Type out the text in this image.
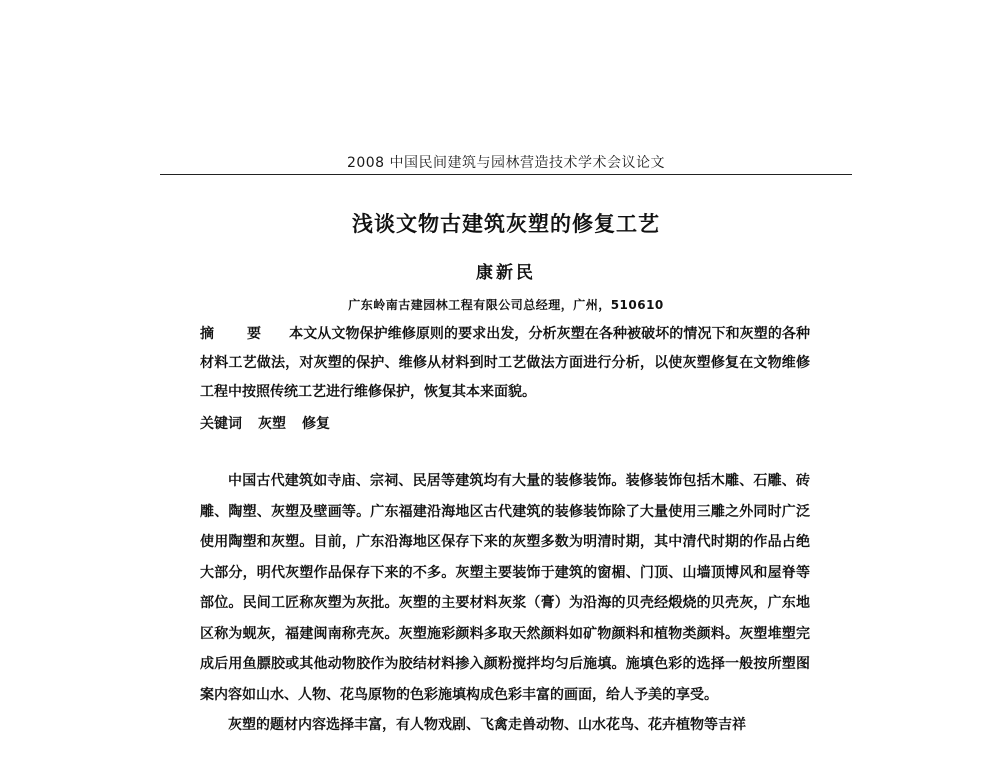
2008 中国民间建筑与园林营造技术学术会议论文
浅谈文物古建筑灰塑的修复工艺
康新民
广东岭南古建园林工程有限公司总经理，广州，510610
摘 要 本文从文物保护维修原则的要求出发，分析灰塑在各种被破坏的情况下和灰塑的各种材料工艺做法，对灰塑的保护、维修从材料到时工艺做法方面进行分析，以使灰塑修复在文物维修工程中按照传统工艺进行维修保护，恢复其本来面貌。
关键词 灰塑 修复

中国古代建筑如寺庙、宗祠、民居等建筑均有大量的装修装饰。装修装饰包括木雕、石雕、砖雕、陶塑、灰塑及壁画等。广东福建沿海地区古代建筑的装修装饰除了大量使用三雕之外同时广泛使用陶塑和灰塑。目前，广东沿海地区保存下来的灰塑多数为明清时期，其中清代时期的作品占绝大部分，明代灰塑作品保存下来的不多。灰塑主要装饰于建筑的窗楣、门顶、山墙顶博风和屋脊等部位。民间工匠称灰塑为灰批。灰塑的主要材料灰浆（膏）为沿海的贝壳经煅烧的贝壳灰，广东地区称为蚬灰，福建闽南称壳灰。灰塑施彩颜料多取天然颜料如矿物颜料和植物类颜料。灰塑堆塑完成后用鱼膘胶或其他动物胶作为胶结材料掺入颜粉搅拌均匀后施填。施填色彩的选择一般按所塑图案内容如山水、人物、花鸟原物的色彩施填构成色彩丰富的画面，给人予美的享受。

灰塑的题材内容选择丰富，有人物戏剧、飞禽走兽动物、山水花鸟、花卉植物等吉祥
